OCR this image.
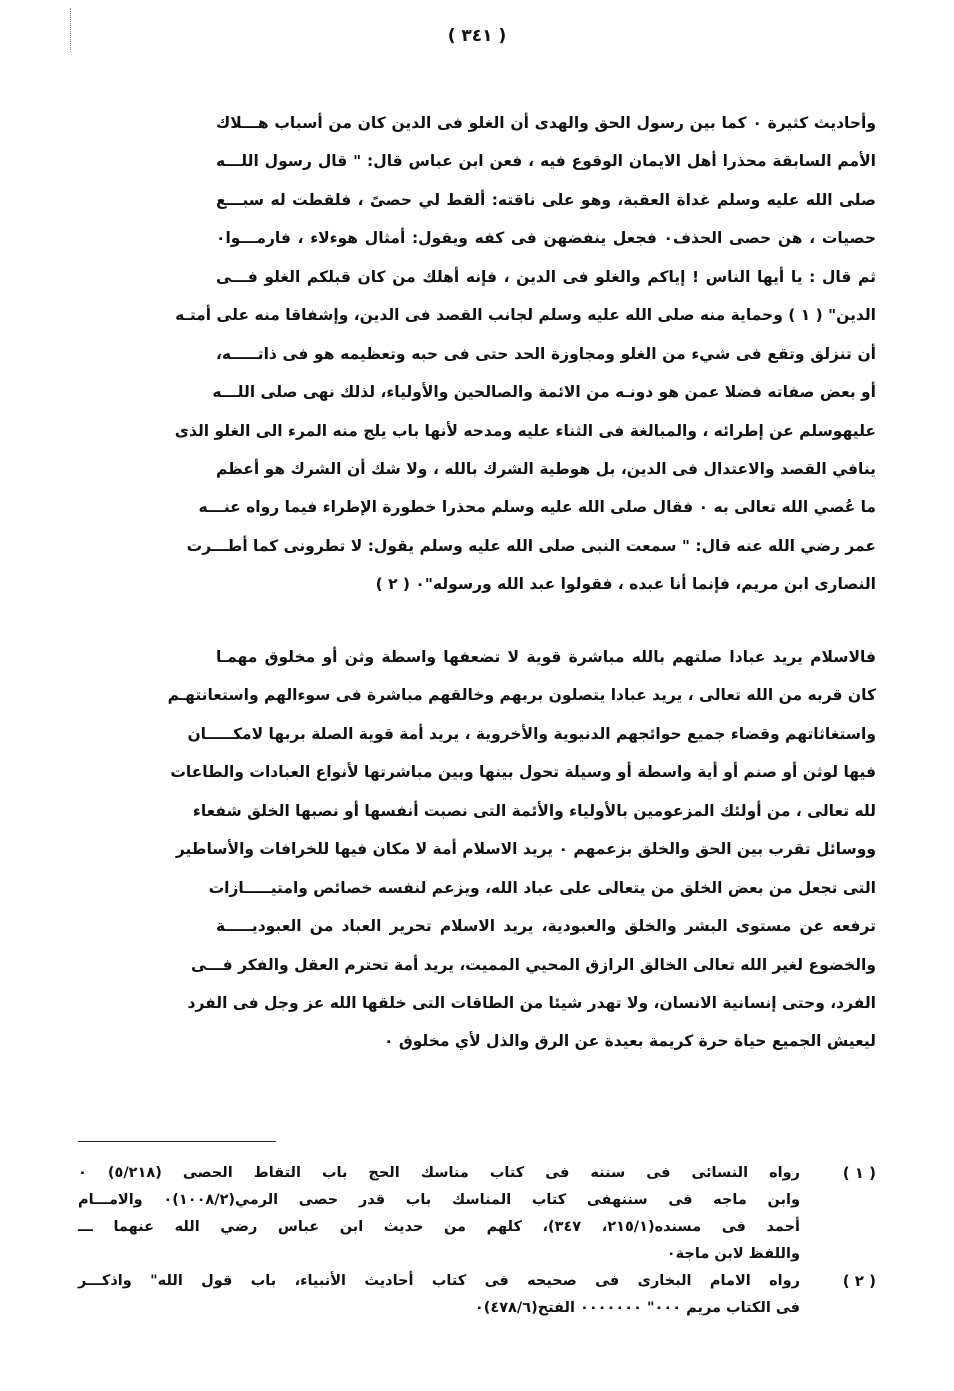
( ٣٤١ )
وأحاديث كثيرة ٠ كما بين رسول الحق والهدى أن الغلو فى الدين كان من أسباب هـــلاك
الأمم السابقة محذرا أهل الايمان الوقوع فيه ، فعن ابن عباس قال: " قال رسول اللـــه
صلى الله عليه وسلم غداة العقبة، وهو على ناقته: ألقط لي حصىً ، فلقطت له سبـــع
حصيات ، هن حصى الحذف٠ فجعل ينفضهن فى كفه ويقول: أمثال هوءلاء ، فارمـــوا٠
ثم قال : يا أيها الناس ! إياكم والغلو فى الدين ، فإنه أهلك من كان قبلكم الغلو فـــى
الدين" ( ١ ) وحماية منه صلى الله عليه وسلم لجانب القصد فى الدين، وإشفاقا منه على أمتـه
أن تنزلق وتقع فى شيء من الغلو ومجاوزة الحد حتى فى حبه وتعظيمه هو فى ذاتـــــه،
أو بعض صفاته فضلا عمن هو دونـه من الائمة والصالحين والأولياء، لذلك نهى صلى اللـــه
عليهوسلم عن إطرائه ، والمبالغة فى الثناء عليه ومدحه لأنها باب يلج منه المرء الى الغلو الذى
ينافي القصد والاعتدال فى الدين، بل هوطية الشرك بالله ، ولا شك أن الشرك هو أعظم
ما عُصي الله تعالى به ٠ فقال صلى الله عليه وسلم محذرا خطورة الإطراء فيما رواه عنـــه
عمر رضي الله عنه قال: " سمعت النبى صلى الله عليه وسلم يقول: لا تطرونى كما أطـــرت
النصارى ابن مريم، فإنما أنا عبده ، فقولوا عبد الله ورسوله"٠ ( ٢ )
فالاسلام يريد عبادا صلتهم بالله مباشرة قوية لا تضعفها واسطة وثن أو مخلوق مهمـا
كان قربه من الله تعالى ، يريد عبادا يتصلون بربهم وخالقهم مباشرة فى سوءالهم واستعانتهـم
واستغاثاتهم وقضاء جميع حوائجهم الدنيوية والأخروية ، يريد أمة قوية الصلة بربها لامكـــــان
فيها لوثن أو صنم أو أية واسطة أو وسيلة تحول بينها وبين مباشرتها لأنواع العبادات والطاعات
لله تعالى ، من أولئك المزعومين بالأولياء والأئمة التى نصبت أنفسها أو نصبها الخلق شفعاء
ووسائل تقرب بين الحق والخلق بزعمهم ٠ يريد الاسلام أمة لا مكان فيها للخرافات والأساطير
التى تجعل من بعض الخلق من يتعالى على عباد الله، ويزعم لنفسه خصائص وامتيـــــازات
ترفعه عن مستوى البشر والخلق والعبودية، يريد الاسلام تحرير العباد من العبوديـــــة
والخضوع لغير الله تعالى الخالق الرازق المحيي المميت، يريد أمة تحترم العقل والفكر فـــى
الفرد، وحتى إنسانية الانسان، ولا تهدر شيئا من الطاقات التى خلقها الله عز وجل فى الفرد
ليعيش الجميع حياة حرة كريمة بعيدة عن الرق والذل لأي مخلوق ٠
( ١ )
رواه النسائى فى سننه فى كتاب مناسك الحج باب التقاط الحصى (٥/٢١٨) ٠
وابن ماجه فى سننهفى كتاب المناسك باب قدر حصى الرمي(١٠٠٨/٢)٠ والامـــام
أحمد فى مسنده(٢١٥/١، ٣٤٧)، كلهم من حديث ابن عباس رضي الله عنهما ـــ
واللفظ لابن ماجة٠
( ٢ )
رواه الامام البخارى فى صحيحه فى كتاب أحاديث الأنبياء، باب قول الله" واذكـــر
فى الكتاب مريم ٠٠٠" ٠٠٠٠٠٠٠ الفتح(٤٧٨/٦)٠
